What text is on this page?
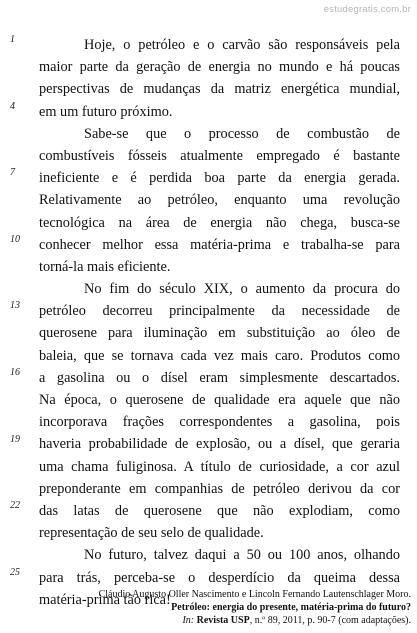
estudegratis.com.br
1
4
7
10
13
16
19
22
25
Hoje, o petróleo e o carvão são responsáveis pela
maior parte da geração de energia no mundo e há poucas
perspectivas de mudanças da matriz energética mundial,
em um futuro próximo.
Sabe-se que o processo de combustão de
combustíveis fósseis atualmente empregado é bastante
ineficiente e é perdida boa parte da energia gerada.
Relativamente ao petróleo, enquanto uma revolução
tecnológica na área de energia não chega, busca-se
conhecer melhor essa matéria-prima e trabalha-se para
torná-la mais eficiente.
No fim do século XIX, o aumento da procura do
petróleo decorreu principalmente da necessidade de
querosene para iluminação em substituição ao óleo de
baleia, que se tornava cada vez mais caro. Produtos como
a gasolina ou o dísel eram simplesmente descartados.
Na época, o querosene de qualidade era aquele que não
incorporava frações correspondentes a gasolina, pois
haveria probabilidade de explosão, ou a dísel, que geraria
uma chama fuliginosa. A título de curiosidade, a cor azul
preponderante em companhias de petróleo derivou da cor
das latas de querosene que não explodiam, como
representação de seu selo de qualidade.
No futuro, talvez daqui a 50 ou 100 anos, olhando
para trás, perceba-se o desperdício da queima dessa
matéria-prima tão rica!
Cláudio Augusto Oller Nascimento e Lincoln Fernando Lautenschlager Moro.
Petróleo: energia do presente, matéria-prima do futuro?
In: Revista USP, n.º 89, 2011, p. 90-7 (com adaptações).
